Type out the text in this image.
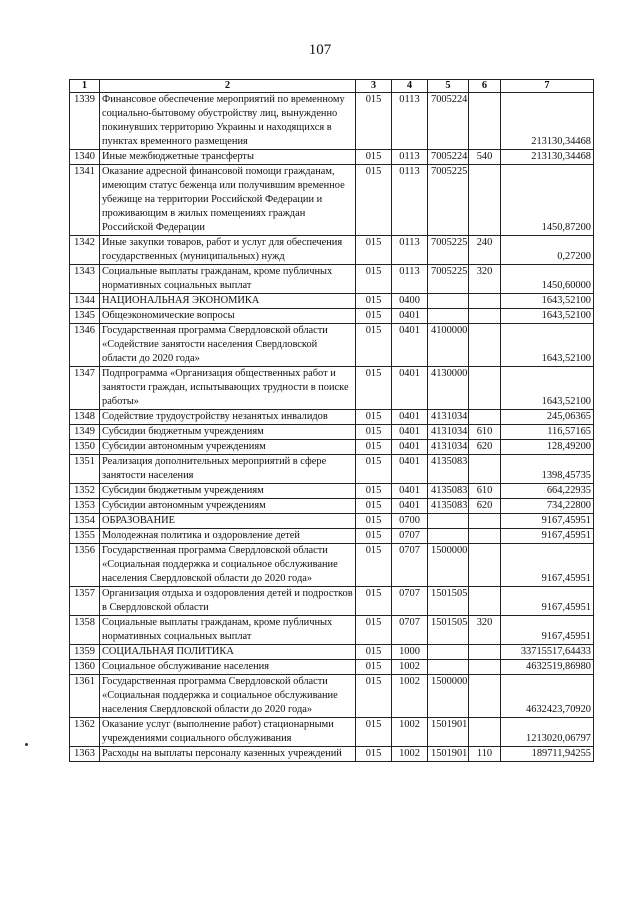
107
1	2	3	4	5	6	7
1339	Финансовое обеспечение мероприятий по временному социально-бытовому обустройству лиц, вынужденно покинувших территорию Украины и находящихся в пунктах временного размещения	015	0113	7005224		213130,34468
1340	Иные межбюджетные трансферты	015	0113	7005224	540	213130,34468
1341	Оказание адресной финансовой помощи гражданам, имеющим статус беженца или получившим временное убежище на территории Российской Федерации и проживающим в жилых помещениях граждан Российской Федерации	015	0113	7005225		1450,87200
1342	Иные закупки товаров, работ и услуг для обеспечения государственных (муниципальных) нужд	015	0113	7005225	240	0,27200
1343	Социальные выплаты гражданам, кроме публичных нормативных социальных выплат	015	0113	7005225	320	1450,60000
1344	НАЦИОНАЛЬНАЯ ЭКОНОМИКА	015	0400			1643,52100
1345	Общеэкономические вопросы	015	0401			1643,52100
1346	Государственная программа Свердловской области «Содействие занятости населения Свердловской области до 2020 года»	015	0401	4100000		1643,52100
1347	Подпрограмма «Организация общественных работ и занятости граждан, испытывающих трудности в поиске работы»	015	0401	4130000		1643,52100
1348	Содействие трудоустройству незанятых инвалидов	015	0401	4131034		245,06365
1349	Субсидии бюджетным учреждениям	015	0401	4131034	610	116,57165
1350	Субсидии автономным учреждениям	015	0401	4131034	620	128,49200
1351	Реализация дополнительных мероприятий в сфере занятости населения	015	0401	4135083		1398,45735
1352	Субсидии бюджетным учреждениям	015	0401	4135083	610	664,22935
1353	Субсидии автономным учреждениям	015	0401	4135083	620	734,22800
1354	ОБРАЗОВАНИЕ	015	0700			9167,45951
1355	Молодежная политика и оздоровление детей	015	0707			9167,45951
1356	Государственная программа Свердловской области «Социальная поддержка и социальное обслуживание населения Свердловской области до 2020 года»	015	0707	1500000		9167,45951
1357	Организация отдыха и оздоровления детей и подростков в Свердловской области	015	0707	1501505		9167,45951
1358	Социальные выплаты гражданам, кроме публичных нормативных социальных выплат	015	0707	1501505	320	9167,45951
1359	СОЦИАЛЬНАЯ ПОЛИТИКА	015	1000			33715517,64433
1360	Социальное обслуживание населения	015	1002			4632519,86980
1361	Государственная программа Свердловской области «Социальная поддержка и социальное обслуживание населения Свердловской области до 2020 года»	015	1002	1500000		4632423,70920
1362	Оказание услуг (выполнение работ) стационарными учреждениями социального обслуживания	015	1002	1501901		1213020,06797
1363	Расходы на выплаты персоналу казенных учреждений	015	1002	1501901	110	189711,94255
